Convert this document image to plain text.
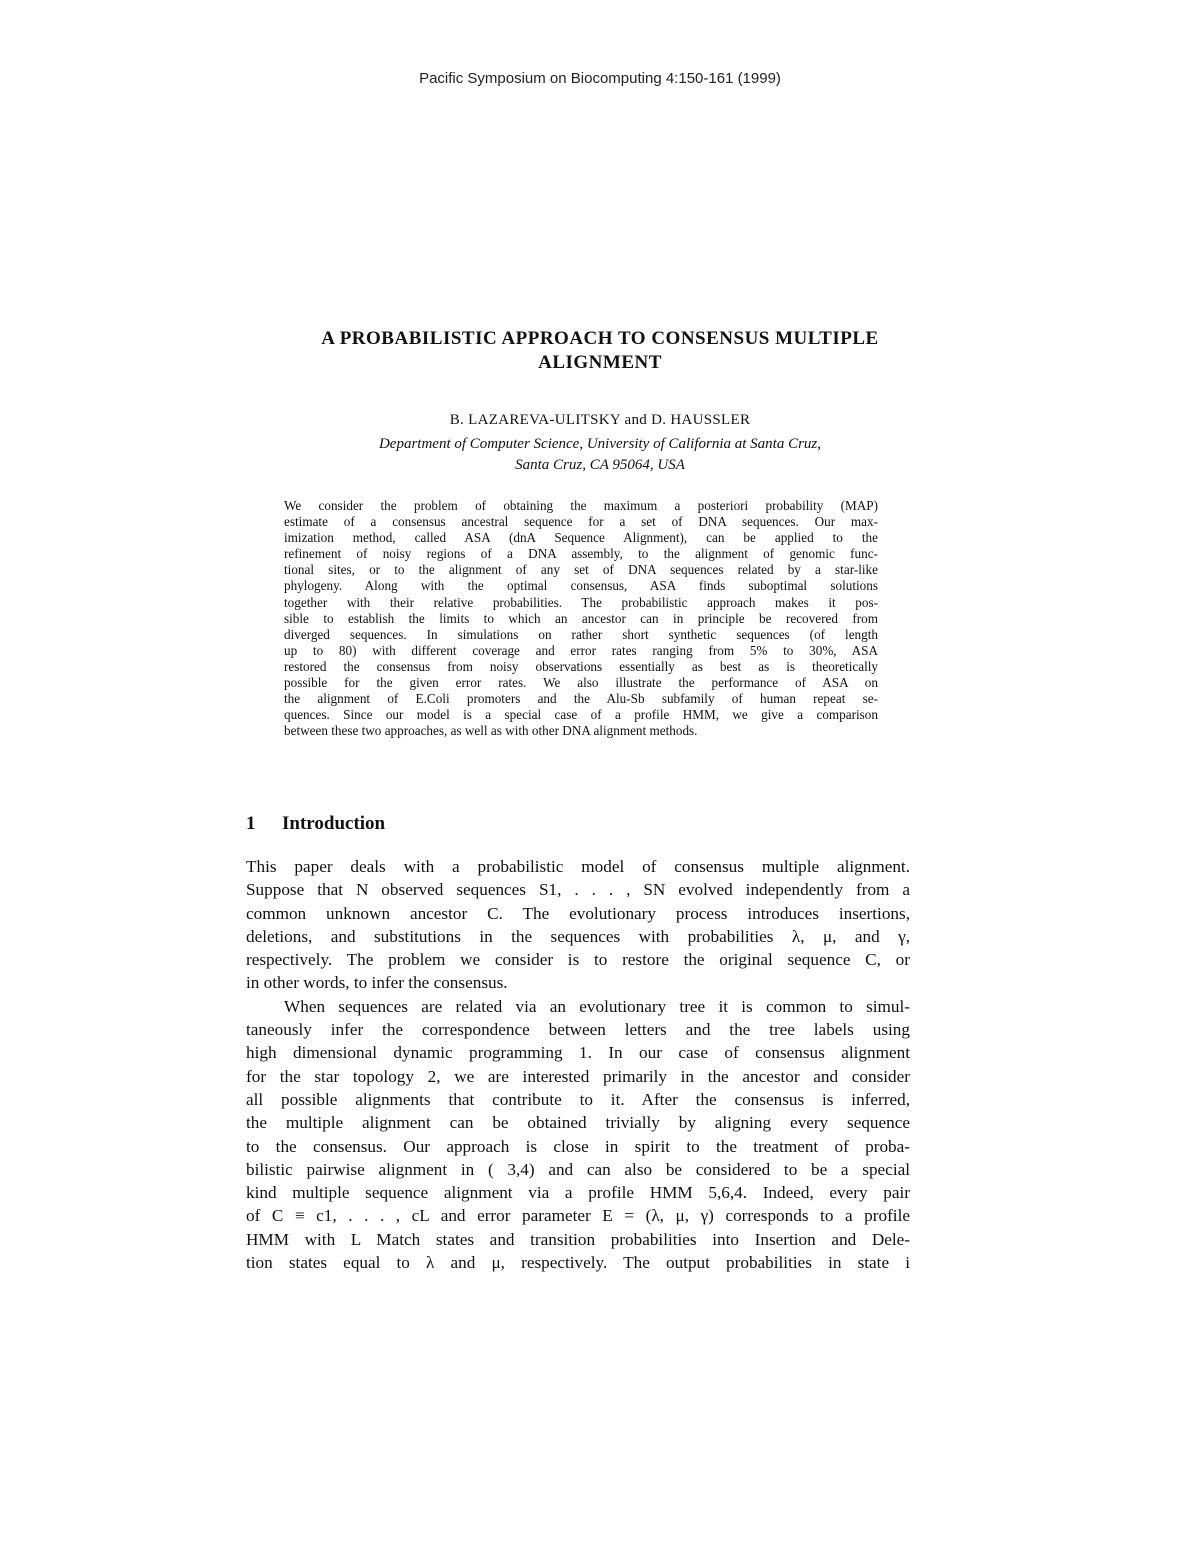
Pacific Symposium on Biocomputing 4:150-161 (1999)
A PROBABILISTIC APPROACH TO CONSENSUS MULTIPLE
ALIGNMENT
B. LAZAREVA-ULITSKY and D. HAUSSLER
Department of Computer Science, University of California at Santa Cruz,
Santa Cruz, CA 95064, USA
We consider the problem of obtaining the maximum a posteriori probability (MAP)
estimate of a consensus ancestral sequence for a set of DNA sequences. Our max-
imization method, called ASA (dnA Sequence Alignment), can be applied to the
refinement of noisy regions of a DNA assembly, to the alignment of genomic func-
tional sites, or to the alignment of any set of DNA sequences related by a star-like
phylogeny. Along with the optimal consensus, ASA finds suboptimal solutions
together with their relative probabilities. The probabilistic approach makes it pos-
sible to establish the limits to which an ancestor can in principle be recovered from
diverged sequences. In simulations on rather short synthetic sequences (of length
up to 80) with different coverage and error rates ranging from 5% to 30%, ASA
restored the consensus from noisy observations essentially as best as is theoretically
possible for the given error rates. We also illustrate the performance of ASA on
the alignment of E.Coli promoters and the Alu-Sb subfamily of human repeat se-
quences. Since our model is a special case of a profile HMM, we give a comparison
between these two approaches, as well as with other DNA alignment methods.
1 Introduction
This paper deals with a probabilistic model of consensus multiple alignment.
Suppose that N observed sequences S1, . . . , SN evolved independently from a
common unknown ancestor C. The evolutionary process introduces insertions,
deletions, and substitutions in the sequences with probabilities λ, μ, and γ,
respectively. The problem we consider is to restore the original sequence C, or
in other words, to infer the consensus.
When sequences are related via an evolutionary tree it is common to simul-
taneously infer the correspondence between letters and the tree labels using
high dimensional dynamic programming 1. In our case of consensus alignment
for the star topology 2, we are interested primarily in the ancestor and consider
all possible alignments that contribute to it. After the consensus is inferred,
the multiple alignment can be obtained trivially by aligning every sequence
to the consensus. Our approach is close in spirit to the treatment of proba-
bilistic pairwise alignment in ( 3,4) and can also be considered to be a special
kind multiple sequence alignment via a profile HMM 5,6,4. Indeed, every pair
of C ≡ c1, . . . , cL and error parameter E = (λ, μ, γ) corresponds to a profile
HMM with L Match states and transition probabilities into Insertion and Dele-
tion states equal to λ and μ, respectively. The output probabilities in state i
